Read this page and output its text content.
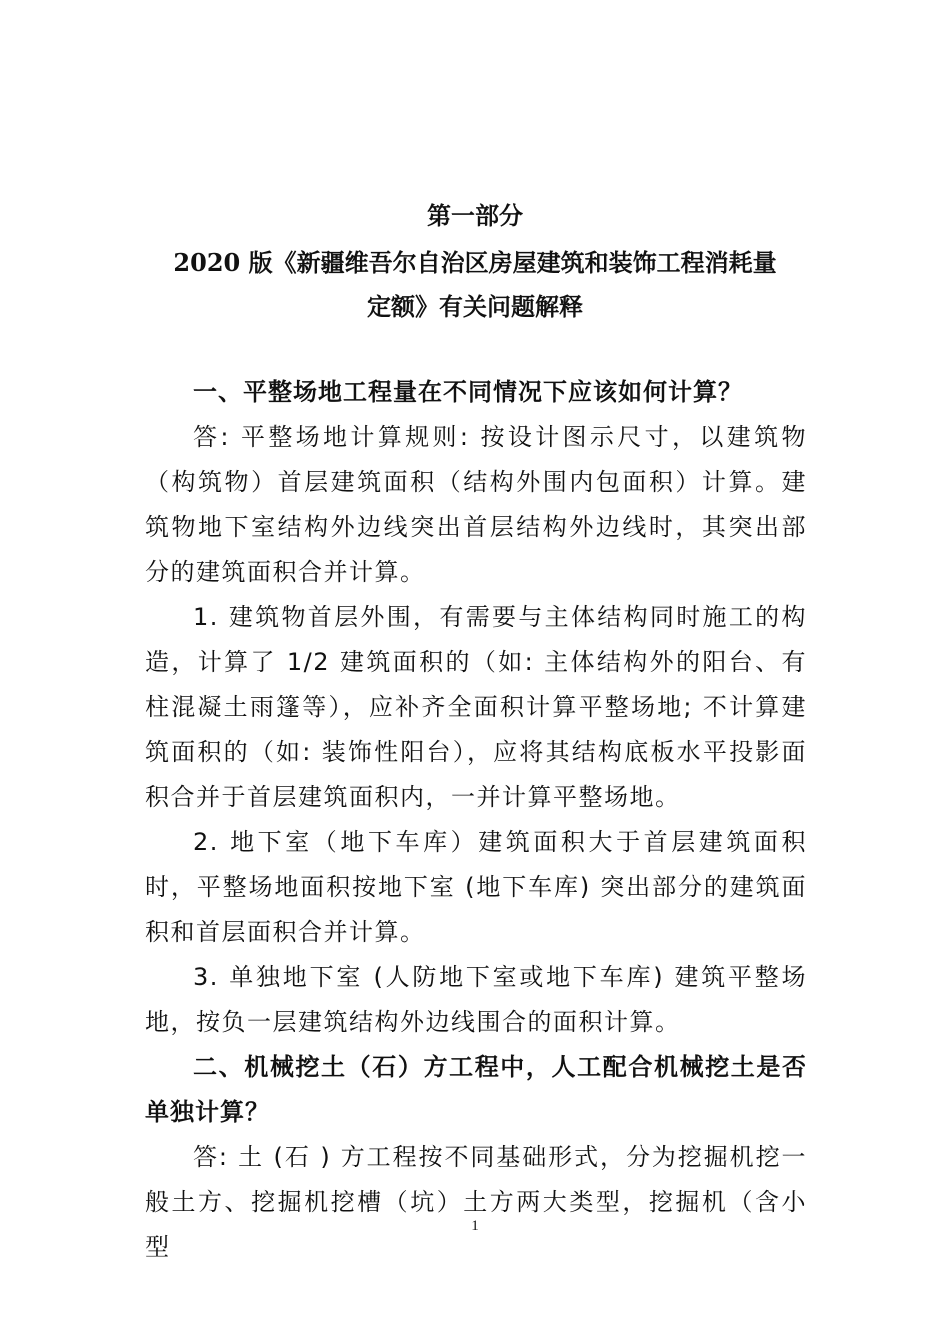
第一部分
2020 版《新疆维吾尔自治区房屋建筑和装饰工程消耗量
定额》有关问题解释

一、平整场地工程量在不同情况下应该如何计算？

答: 平整场地计算规则: 按设计图示尺寸，以建筑物（构筑物）首层建筑面积（结构外围内包面积）计算。建筑物地下室结构外边线突出首层结构外边线时，其突出部分的建筑面积合并计算。

1. 建筑物首层外围，有需要与主体结构同时施工的构造，计算了 1/2 建筑面积的（如: 主体结构外的阳台、有柱混凝土雨篷等），应补齐全面积计算平整场地; 不计算建筑面积的（如: 装饰性阳台），应将其结构底板水平投影面积合并于首层建筑面积内，一并计算平整场地。

2. 地下室（地下车库）建筑面积大于首层建筑面积时，平整场地面积按地下室 (地下车库) 突出部分的建筑面积和首层面积合并计算。

3. 单独地下室 (人防地下室或地下车库) 建筑平整场地，按负一层建筑结构外边线围合的面积计算。

二、机械挖土（石）方工程中，人工配合机械挖土是否单独计算？

答: 土 (石 ) 方工程按不同基础形式，分为挖掘机挖一般土方、挖掘机挖槽（坑）土方两大类型，挖掘机（含小型

1
